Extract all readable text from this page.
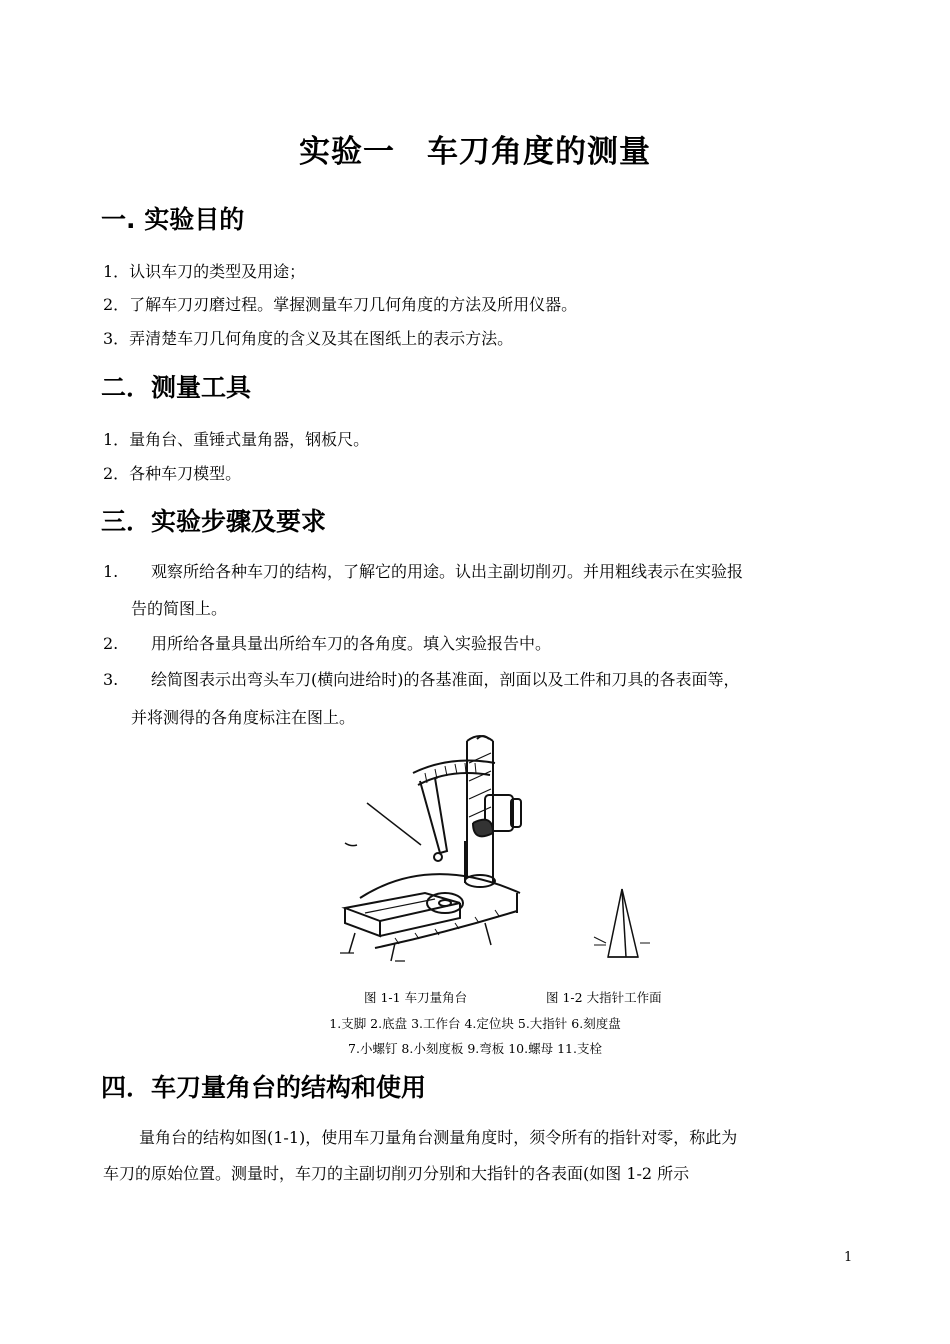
实验一　车刀角度的测量
一. 实验目的
1．认识车刀的类型及用途；
2．了解车刀刃磨过程。掌握测量车刀几何角度的方法及所用仪器。
3．弄清楚车刀几何角度的含义及其在图纸上的表示方法。
二．测量工具
1．量角台、重锤式量角器，钢板尺。
2．各种车刀模型。
三．实验步骤及要求
1. 观察所给各种车刀的结构，了解它的用途。认出主副切削刃。并用粗线表示在实验报
告的简图上。
2. 用所给各量具量出所给车刀的各角度。填入实验报告中。
3. 绘简图表示出弯头车刀(横向进给时)的各基准面，剖面以及工件和刀具的各表面等，
并将测得的各角度标注在图上。
图 1-1 车刀量角台	图 1-2 大指针工作面
1.支脚 2.底盘 3.工作台 4.定位块 5.大指针 6.刻度盘
7.小螺钉 8.小刻度板 9.弯板 10.螺母 11.支栓
四．车刀量角台的结构和使用
量角台的结构如图(1-1)，使用车刀量角台测量角度时，须令所有的指针对零，称此为
车刀的原始位置。测量时，车刀的主副切削刃分别和大指针的各表面(如图 1-2 所示
1
